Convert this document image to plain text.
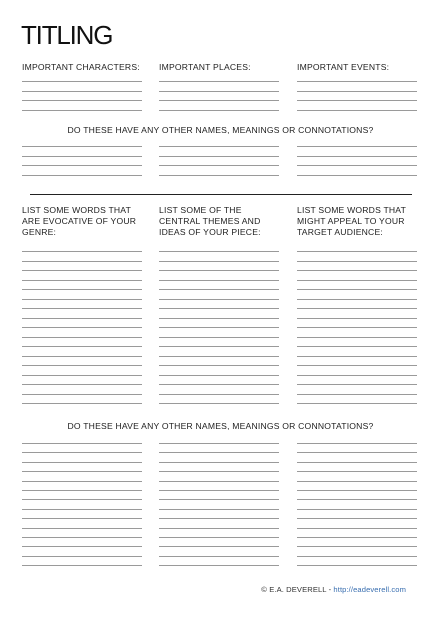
TITLING
IMPORTANT CHARACTERS: IMPORTANT PLACES:	IMPORTANT EVENTS:
DO THESE HAVE ANY OTHER NAMES, MEANINGS OR CONNOTATIONS?
LIST SOME WORDS THAT ARE EVOCATIVE OF YOUR GENRE:
LIST SOME OF THE CENTRAL THEMES AND IDEAS OF YOUR PIECE:
LIST SOME WORDS THAT MIGHT APPEAL TO YOUR TARGET AUDIENCE:
DO THESE HAVE ANY OTHER NAMES, MEANINGS OR CONNOTATIONS?
© E.A. DEVERELL - http://eadeverell.com
